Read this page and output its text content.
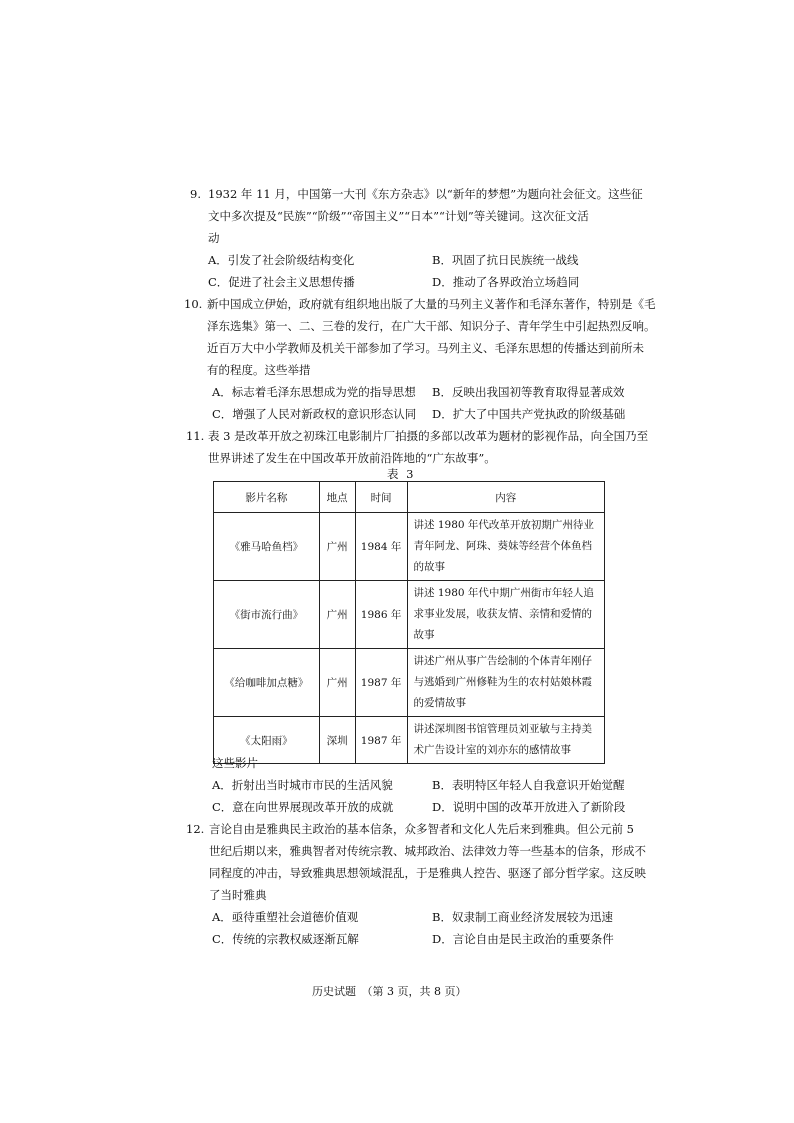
9. 1932 年 11 月，中国第一大刊《东方杂志》以“新年的梦想”为题向社会征文。这些征
文中多次提及“民族”“阶级”“帝国主义”“日本”“计划”等关键词。这次征文活
动
A．引发了社会阶级结构变化	B．巩固了抗日民族统一战线
C．促进了社会主义思想传播	D．推动了各界政治立场趋同
10. 新中国成立伊始，政府就有组织地出版了大量的马列主义著作和毛泽东著作，特别是《毛
泽东选集》第一、二、三卷的发行，在广大干部、知识分子、青年学生中引起热烈反响。
近百万大中小学教师及机关干部参加了学习。马列主义、毛泽东思想的传播达到前所未
有的程度。这些举措
A．标志着毛泽东思想成为党的指导思想 B．反映出我国初等教育取得显著成效
C．增强了人民对新政权的意识形态认同 D．扩大了中国共产党执政的阶级基础
11. 表 3 是改革开放之初珠江电影制片厂拍摄的多部以改革为题材的影视作品，向全国乃至
世界讲述了发生在中国改革开放前沿阵地的“广东故事”。
表 3
影片名称	地点	时间	内容
《雅马哈鱼档》	广州	1984 年	讲述 1980 年代改革开放初期广州待业
青年阿龙、阿珠、葵妹等经营个体鱼档
的故事

《街市流行曲》	广州	1986 年	讲述 1980 年代中期广州街市年轻人追
求事业发展，收获友情、亲情和爱情的
故事

《给咖啡加点糖》	广州	1987 年	讲述广州从事广告绘制的个体青年刚仔
与逃婚到广州修鞋为生的农村姑娘林霞
的爱情故事

《太阳雨》	深圳	1987 年	讲述深圳图书馆管理员刘亚敏与主持美
术广告设计室的刘亦东的感情故事
这些影片
A．折射出当时城市市民的生活风貌	B．表明特区年轻人自我意识开始觉醒
C．意在向世界展现改革开放的成就	D．说明中国的改革开放进入了新阶段
12. 言论自由是雅典民主政治的基本信条，众多智者和文化人先后来到雅典。但公元前 5
世纪后期以来，雅典智者对传统宗教、城邦政治、法律效力等一些基本的信条，形成不
同程度的冲击，导致雅典思想领域混乱，于是雅典人控告、驱逐了部分哲学家。这反映
了当时雅典
A．亟待重塑社会道德价值观	B．奴隶制工商业经济发展较为迅速
C．传统的宗教权威逐渐瓦解	D．言论自由是民主政治的重要条件
历史试题　（第 3 页，共 8 页）
